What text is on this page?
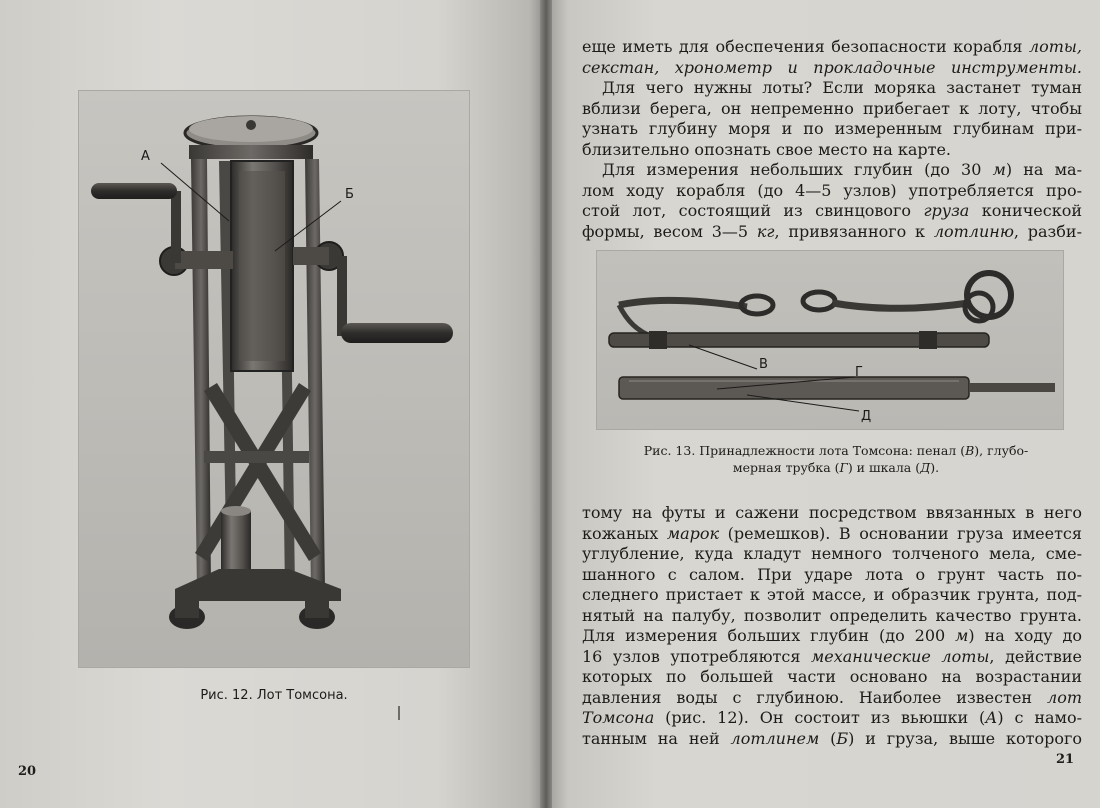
А
Б
Рис. 12. Лот Томсона.
20
еще иметь для обеспечения безопасности корабля лоты,
секстан, хронометр и прокладочные инструменты.
Для чего нужны лоты? Если моряка застанет туман
вблизи берега, он непременно прибегает к лоту, чтобы
узнать глубину моря и по измеренным глубинам при-
близительно опознать свое место на карте.
Для измерения небольших глубин (до 30 м) на ма-
лом ходу корабля (до 4—5 узлов) употребляется про-
стой лот, состоящий из свинцового груза конической
формы, весом 3—5 кг, привязанного к лотлиню, разби-
В
Г
Д
Рис. 13. Принадлежности лота Томсона: пенал (В), глубо-
мерная трубка (Г) и шкала (Д).
тому на футы и сажени посредством ввязанных в него
кожаных марок (ремешков). В основании груза имеется
углубление, куда кладут немного толченого мела, сме-
шанного с салом. При ударе лота о грунт часть по-
следнего пристает к этой массе, и образчик грунта, под-
нятый на палубу, позволит определить качество грунта.
Для измерения больших глубин (до 200 м) на ходу до
16 узлов употребляются механические лоты, действие
которых по большей части основано на возрастании
давления воды с глубиною. Наиболее известен лот
Томсона (рис. 12). Он состоит из вьюшки (А) с намо-
танным на ней лотлинем (Б) и груза, выше которого
21
